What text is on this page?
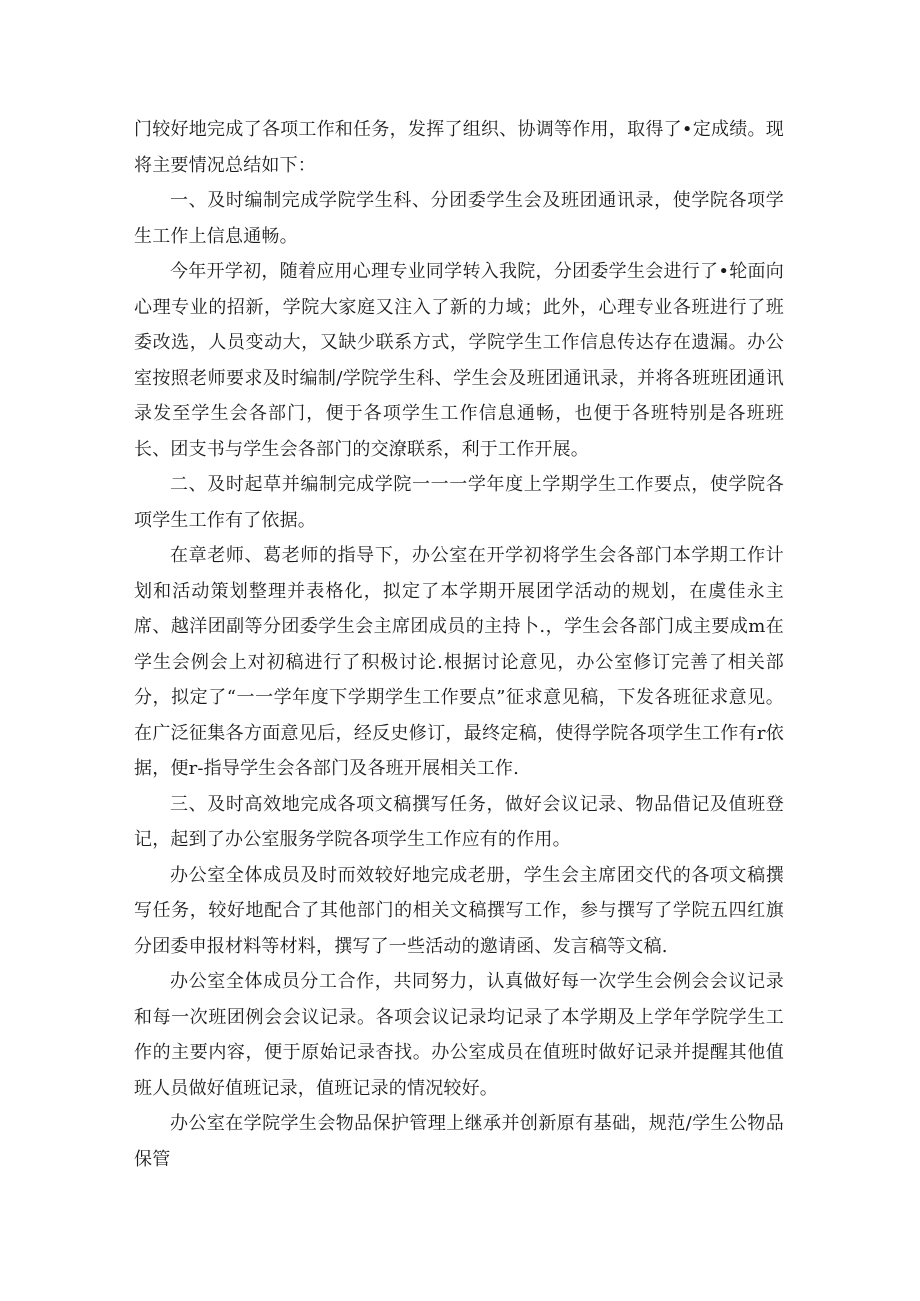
门较好地完成了各项工作和任务，发挥了组织、协调等作用，取得了•定成绩。现将主要情况总结如下：

一、及时编制完成学院学生科、分团委学生会及班团通讯录，使学院各项学生工作上信息通畅。

今年开学初，随着应用心理专业同学转入我院，分团委学生会进行了•轮面向心理专业的招新，学院大家庭又注入了新的力域；此外，心理专业各班进行了班委改选，人员变动大，又缺少联系方式，学院学生工作信息传达存在遗漏。办公室按照老师要求及时编制/学院学生科、学生会及班团通讯录，并将各班班团通讯录发至学生会各部门，便于各项学生工作信息通畅，也便于各班特别是各班班长、团支书与学生会各部门的交潦联系，利于工作开展。

二、及时起草并编制完成学院一一一学年度上学期学生工作要点，使学院各项学生工作有了依据。

在章老师、葛老师的指导下，办公室在开学初将学生会各部门本学期工作计划和活动策划整理并表格化，拟定了本学期开展团学活动的规划，在虞佳永主席、越洋团副等分团委学生会主席团成员的主持卜.，学生会各部门成主要成m在学生会例会上对初稿进行了积极讨论.根据讨论意见，办公室修订完善了相关部分，拟定了“一一学年度下学期学生工作要点”征求意见稿，下发各班征求意见。在广泛征集各方面意见后，经反史修订，最终定稿，使得学院各项学生工作有r依据，便r-指导学生会各部门及各班开展相关工作.

三、及时高效地完成各项文稿撰写任务，做好会议记录、物品借记及值班登记，起到了办公室服务学院各项学生工作应有的作用。

办公室全体成员及时而效较好地完成老册，学生会主席团交代的各项文稿撰写任务，较好地配合了其他部门的相关文稿撰写工作，参与撰写了学院五四红旗分团委申报材料等材料，撰写了一些活动的邀请函、发言稿等文稿.

办公室全体成员分工合作，共同努力，认真做好每一次学生会例会会议记录和每一次班团例会会议记录。各项会议记录均记录了本学期及上学年学院学生工作的主要内容，便于原始记录杳找。办公室成员在值班时做好记录并提醒其他值班人员做好值班记录，值班记录的情况较好。

办公室在学院学生会物品保护管理上继承并创新原有基础，规范/学生公物品保管
